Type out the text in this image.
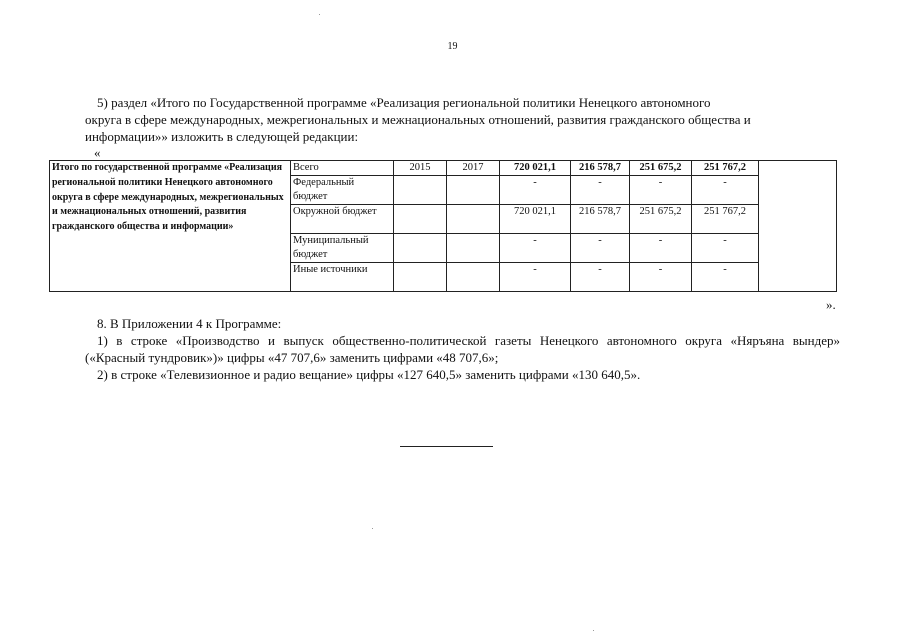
19
5) раздел «Итого по Государственной программе «Реализация региональной политики Ненецкого автономного
округа в сфере международных, межрегиональных и межнациональных отношений, развития гражданского общества и
информации»» изложить в следующей редакции:
«
Итого по государственной программе «Реализация региональной политики Ненецкого автономного округа в сфере международных, межрегиональных и межнациональных отношений, развития гражданского общества и информации»	Всего	2015	2017	720 021,1	216 578,7	251 675,2	251 767,2	
	Федеральный бюджет			-	-	-	-	
	Окружной бюджет			720 021,1	216 578,7	251 675,2	251 767,2	
	Муниципальный бюджет			-	-	-	-	
	Иные источники			-	-	-	-	
».
8. В Приложении 4 к Программе:
1) в строке «Производство и выпуск общественно-политической газеты Ненецкого автономного округа «Няръяна вындер» («Красный тундровик»)» цифры «47 707,6» заменить цифрами «48 707,6»;
2) в строке «Телевизионное и радио вещание» цифры «127 640,5» заменить цифрами «130 640,5».
